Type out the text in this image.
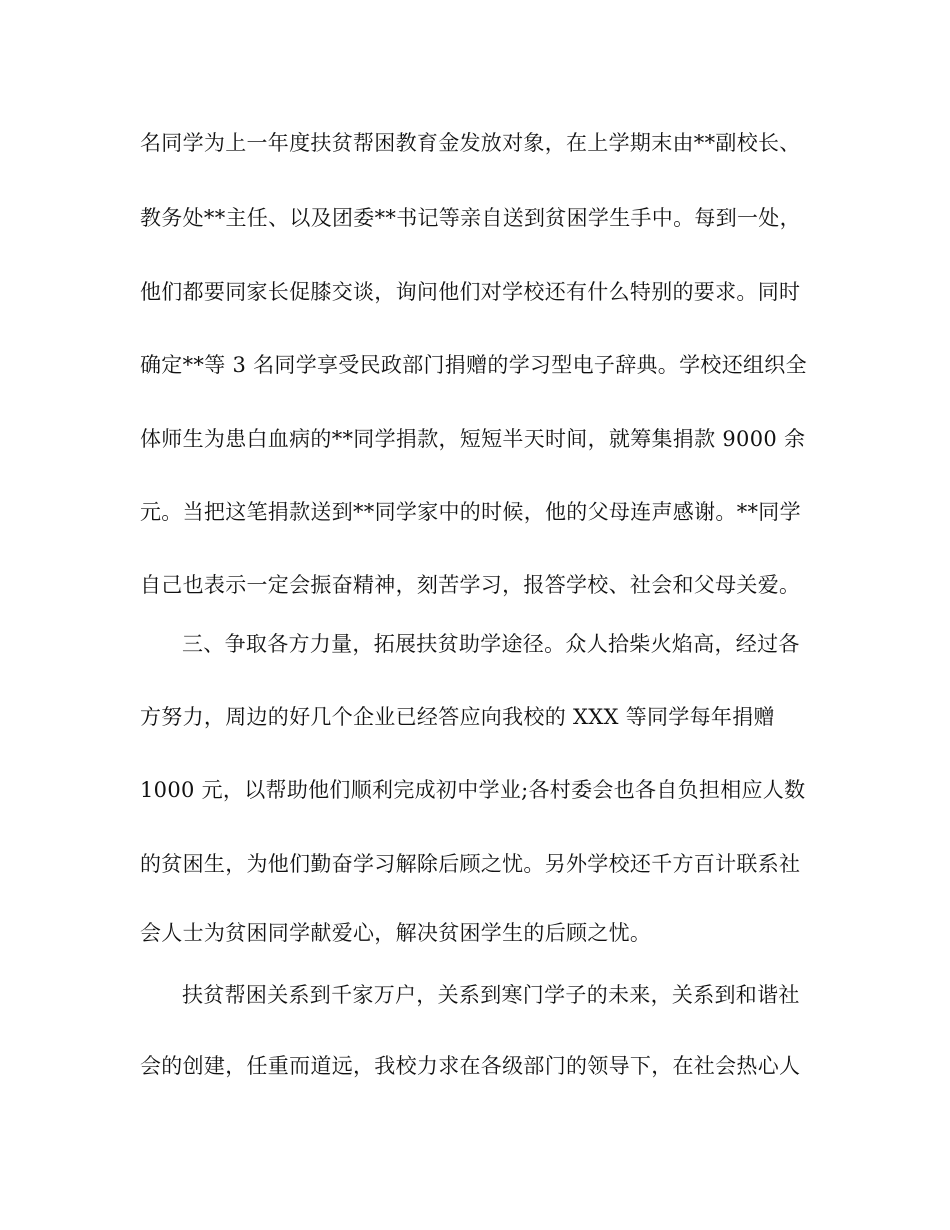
名同学为上一年度扶贫帮困教育金发放对象，在上学期末由**副校长、
教务处**主任、以及团委**书记等亲自送到贫困学生手中。每到一处，
他们都要同家长促膝交谈，询问他们对学校还有什么特别的要求。同时
确定**等 3 名同学享受民政部门捐赠的学习型电子辞典。学校还组织全
体师生为患白血病的**同学捐款，短短半天时间，就筹集捐款 9000 余
元。当把这笔捐款送到**同学家中的时候，他的父母连声感谢。**同学
自己也表示一定会振奋精神，刻苦学习，报答学校、社会和父母关爱。
三、争取各方力量，拓展扶贫助学途径。众人拾柴火焰高，经过各
方努力，周边的好几个企业已经答应向我校的 XXX 等同学每年捐赠
1000 元，以帮助他们顺利完成初中学业;各村委会也各自负担相应人数
的贫困生，为他们勤奋学习解除后顾之忧。另外学校还千方百计联系社
会人士为贫困同学献爱心，解决贫困学生的后顾之忧。
扶贫帮困关系到千家万户，关系到寒门学子的未来，关系到和谐社
会的创建，任重而道远，我校力求在各级部门的领导下，在社会热心人
